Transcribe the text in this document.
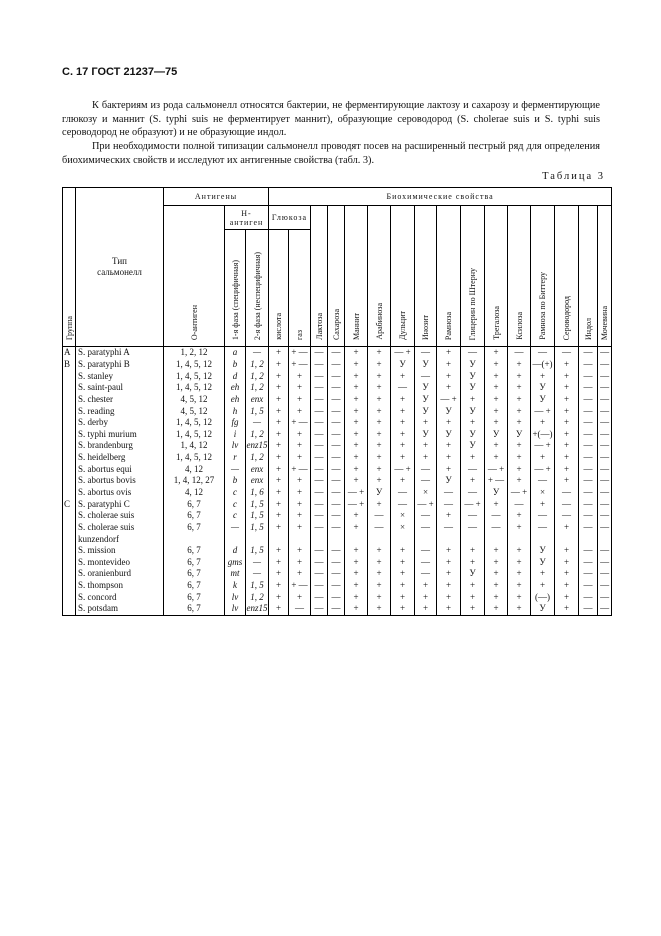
С. 17 ГОСТ 21237—75

К бактериям из рода сальмонелл относятся бактерии, не ферментирующие лактозу и сахарозу и ферментирующие глюкозу и маннит (S. typhi suis не ферментирует маннит), образующие сероводород (S. cholerae suis и S. typhi suis сероводород не образуют) и не образующие индол.

При необходимости полной типизации сальмонелл проводят посев на расширенный пестрый ряд для определения биохимических свойств и исследуют их антигенные свойства (табл. 3).

Таблица 3
Группа	Тип сальмонелл	Антигены			Биохимические свойства															
		О-антиген	Н-антиген		Глюкоза		Лактоза	Сахароза	Маннит	Арабиноза	Дульцит	Инозит	Рамноза	Глицерин по Штерну	Трегалоза	Ксилоза	Рамноза по Биттеру	Сероводород	Индол	Мочевина
			1-я фаза (специфичная)	2-я фаза (неспецифичная)	кислота	газ														

A	S. paratyphi A	1, 2, 12	a	—	+	+ —	—	—	+	+	— +	—	+	—	+	—	—	—	—	—
B	S. paratyphi B	1, 4, 5, 12	b	1, 2	+	+ —	—	—	+	+	У	У	+	У	+	+	—(+)	+	—	—
	S. stanley	1, 4, 5, 12	d	1, 2	+	+	—	—	+	+	+	—	+	У	+	+	+	+	—	—
	S. saint-paul	1, 4, 5, 12	eh	1, 2	+	+	—	—	+	+	—	У	+	У	+	+	У	+	—	—
	S. chester	4, 5, 12	eh	enx	+	+	—	—	+	+	+	У	— +	+	+	+	У	+	—	—
	S. reading	4, 5, 12	h	1, 5	+	+	—	—	+	+	+	У	У	У	+	+	— +	+	—	—
	S. derby	1, 4, 5, 12	fg	—	+	+ —	—	—	+	+	+	+	+	+	+	+	+	+	—	—
	S. typhi murium	1, 4, 5, 12	i	1, 2	+	+	—	—	+	+	+	У	У	У	У	У	+(—)	+	—	—
	S. brandenburg	1, 4, 12	lv	enz15	+	+	—	—	+	+	+	+	+	У	+	+	— +	+	—	—
	S. heidelberg	1, 4, 5, 12	r	1, 2	+	+	—	—	+	+	+	+	+	+	+	+	+	+	—	—
	S. abortus equi	4, 12	—	enx	+	+ —	—	—	+	+	— +	—	+	—	— +	+	— +	+	—	—
	S. abortus bovis	1, 4, 12, 27	b	enx	+	+	—	—	+	+	+	—	У	+	+ —	+	—	+	—	—
	S. abortus ovis	4, 12	c	1, 6	+	+	—	—	— +	У	—	×	—	—	У	— +	×	—	—	—
C	S. paratyphi C	6, 7	c	1, 5	+	+	—	—	— +	+	—	— +	—	— +	+	—	+	—	—	—
	S. cholerae suis	6, 7	c	1, 5	+	+	—	—	+	—	×	—	+	—	—	+	—	—	—	—
	S. cholerae suis	6, 7	—	1, 5	+	+	—	—	+	—	×	—	—	—	—	+	—	+	—	—
	kunzendorf																			
	S. mission	6, 7	d	1, 5	+	+	—	—	+	+	+	—	+	+	+	+	У	+	—	—
	S. montevideo	6, 7	gms	—	+	+	—	—	+	+	+	—	+	+	+	+	У	+	—	—
	S. oranienburd	6, 7	mt	—	+	+	—	—	+	+	+	—	+	У	+	+	+	+	—	—
	S. thompson	6, 7	k	1, 5	+	+ —	—	—	+	+	+	+	+	+	+	+	+	+	—	—
	S. concord	6, 7	lv	1, 2	+	+	—	—	+	+	+	+	+	+	+	+	(—)	+	—	—
	S. potsdam	6, 7	lv	enz15	+	—	—	—	+	+	+	+	+	+	+	+	У	+	—	—
